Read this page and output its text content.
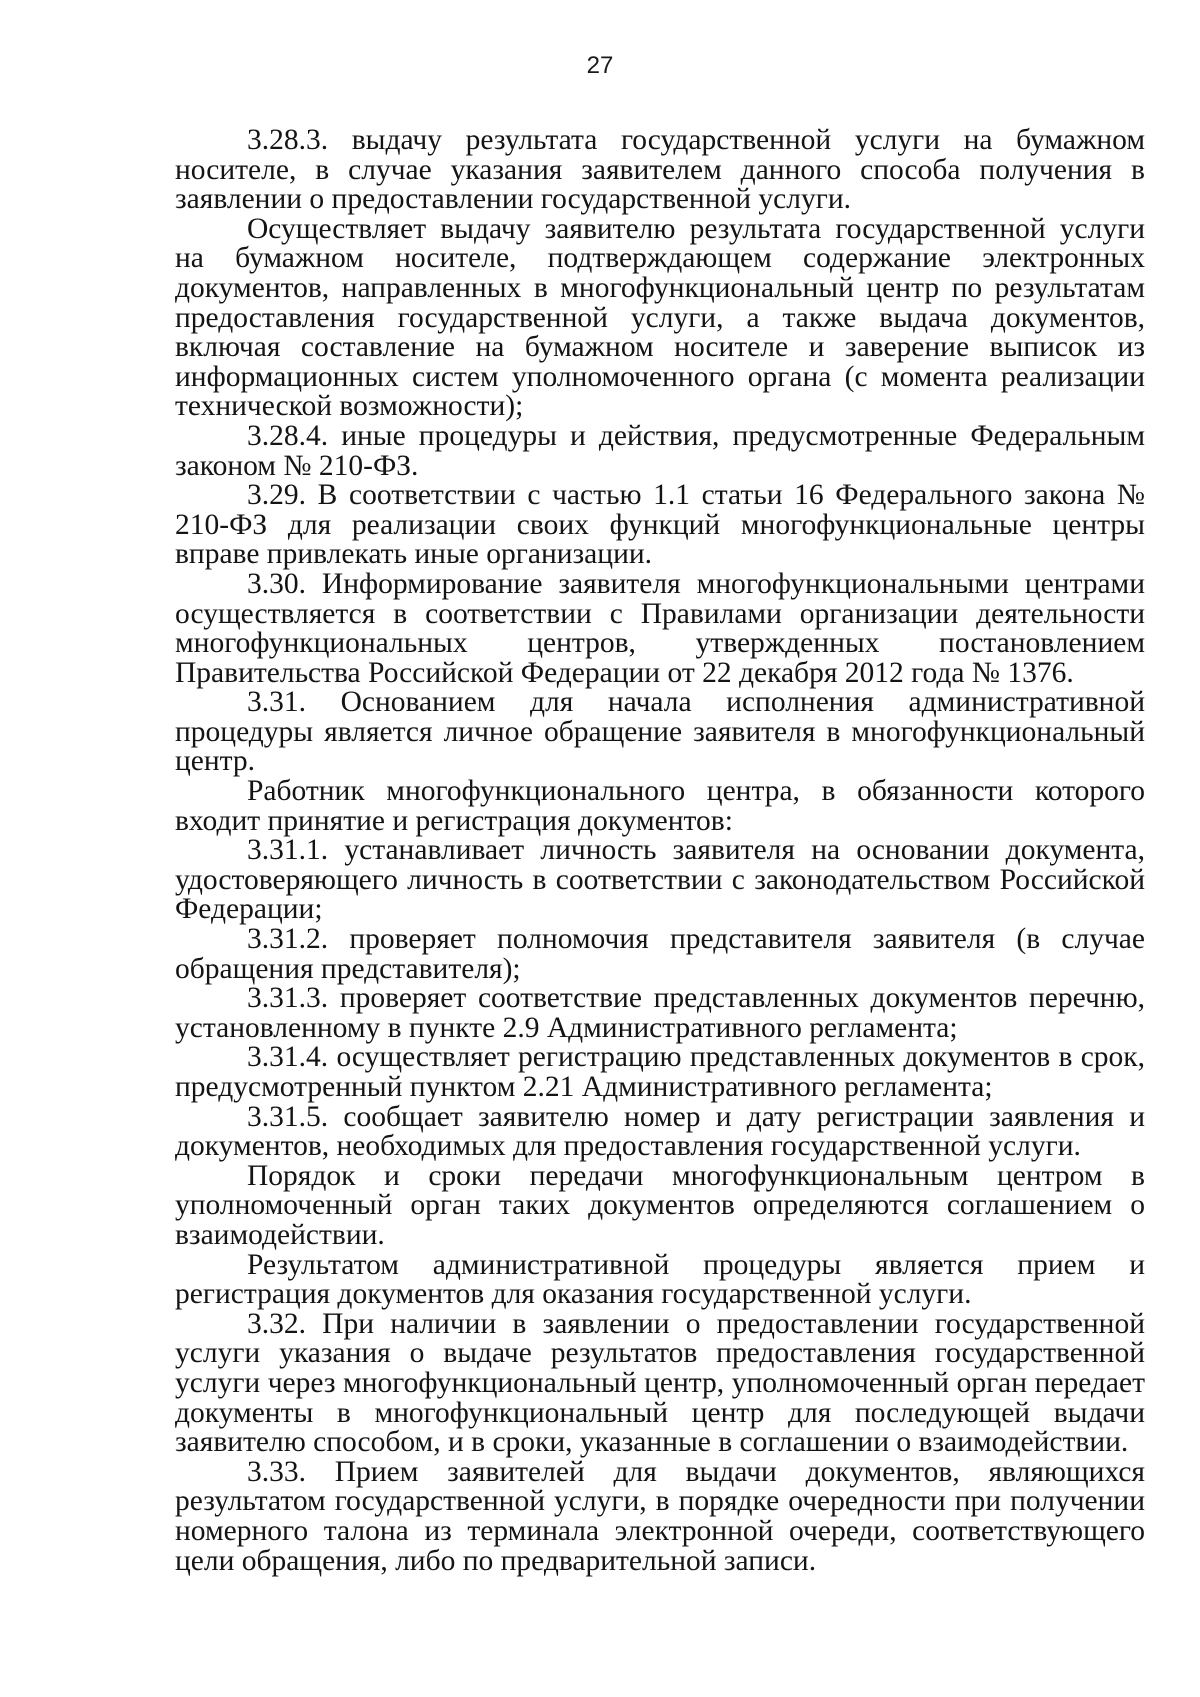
27

3.28.3. выдачу результата государственной услуги на бумажном носителе, в случае указания заявителем данного способа получения в заявлении о предоставлении государственной услуги.

Осуществляет выдачу заявителю результата государственной услуги на бумажном носителе, подтверждающем содержание электронных документов, направленных в многофункциональный центр по результатам предоставления государственной услуги, а также выдача документов, включая составление на бумажном носителе и заверение выписок из информационных систем уполномоченного органа (с момента реализации технической возможности);

3.28.4. иные процедуры и действия, предусмотренные Федеральным законом № 210-ФЗ.

3.29. В соответствии с частью 1.1 статьи 16 Федерального закона № 210-ФЗ для реализации своих функций многофункциональные центры вправе привлекать иные организации.

3.30. Информирование заявителя многофункциональными центрами осуществляется в соответствии с Правилами организации деятельности многофункциональных центров, утвержденных постановлением Правительства Российской Федерации от 22 декабря 2012 года № 1376.

3.31. Основанием для начала исполнения административной процедуры является личное обращение заявителя в многофункциональный центр.

Работник многофункционального центра, в обязанности которого входит принятие и регистрация документов:

3.31.1. устанавливает личность заявителя на основании документа, удостоверяющего личность в соответствии с законодательством Российской Федерации;

3.31.2. проверяет полномочия представителя заявителя (в случае обращения представителя);

3.31.3. проверяет соответствие представленных документов перечню, установленному в пункте 2.9 Административного регламента;

3.31.4. осуществляет регистрацию представленных документов в срок, предусмотренный пунктом 2.21 Административного регламента;

3.31.5. сообщает заявителю номер и дату регистрации заявления и документов, необходимых для предоставления государственной услуги.

Порядок и сроки передачи многофункциональным центром в уполномоченный орган таких документов определяются соглашением о взаимодействии.

Результатом административной процедуры является прием и регистрация документов для оказания государственной услуги.

3.32. При наличии в заявлении о предоставлении государственной услуги указания о выдаче результатов предоставления государственной услуги через многофункциональный центр, уполномоченный орган передает документы в многофункциональный центр для последующей выдачи заявителю способом, и в сроки, указанные в соглашении о взаимодействии.

3.33. Прием заявителей для выдачи документов, являющихся результатом государственной услуги, в порядке очередности при получении номерного талона из терминала электронной очереди, соответствующего цели обращения, либо по предварительной записи.
